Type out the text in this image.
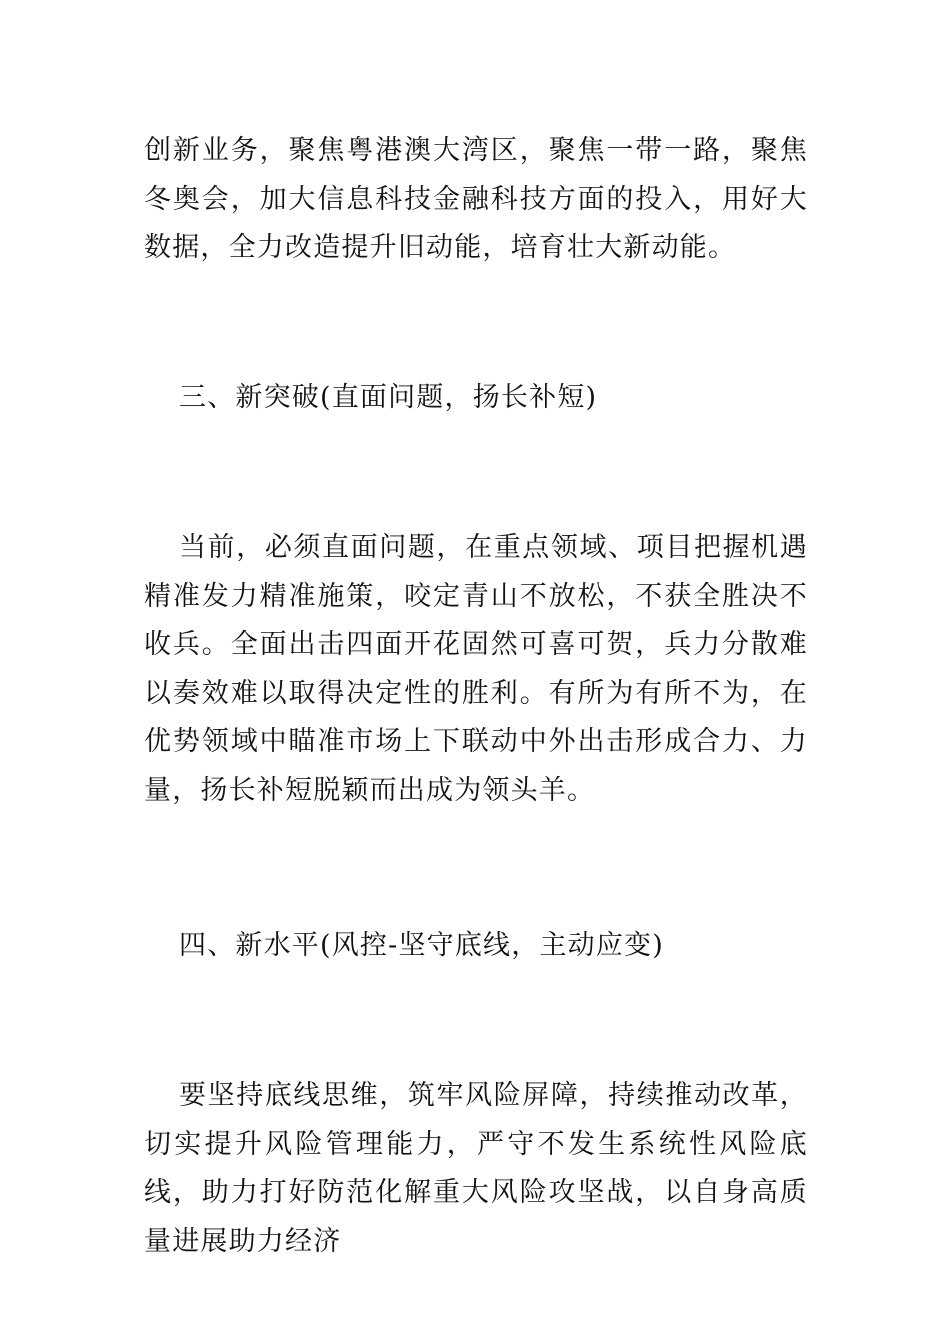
创新业务，聚焦粤港澳大湾区，聚焦一带一路，聚焦冬奥会，加大信息科技金融科技方面的投入，用好大数据，全力改造提升旧动能，培育壮大新动能。

三、新突破(直面问题，扬长补短)

当前，必须直面问题，在重点领域、项目把握机遇精准发力精准施策，咬定青山不放松，不获全胜决不收兵。全面出击四面开花固然可喜可贺，兵力分散难以奏效难以取得决定性的胜利。有所为有所不为，在优势领域中瞄准市场上下联动中外出击形成合力、力量，扬长补短脱颖而出成为领头羊。

四、新水平(风控-坚守底线，主动应变)

要坚持底线思维，筑牢风险屏障，持续推动改革，切实提升风险管理能力，严守不发生系统性风险底线，助力打好防范化解重大风险攻坚战，以自身高质量进展助力经济
